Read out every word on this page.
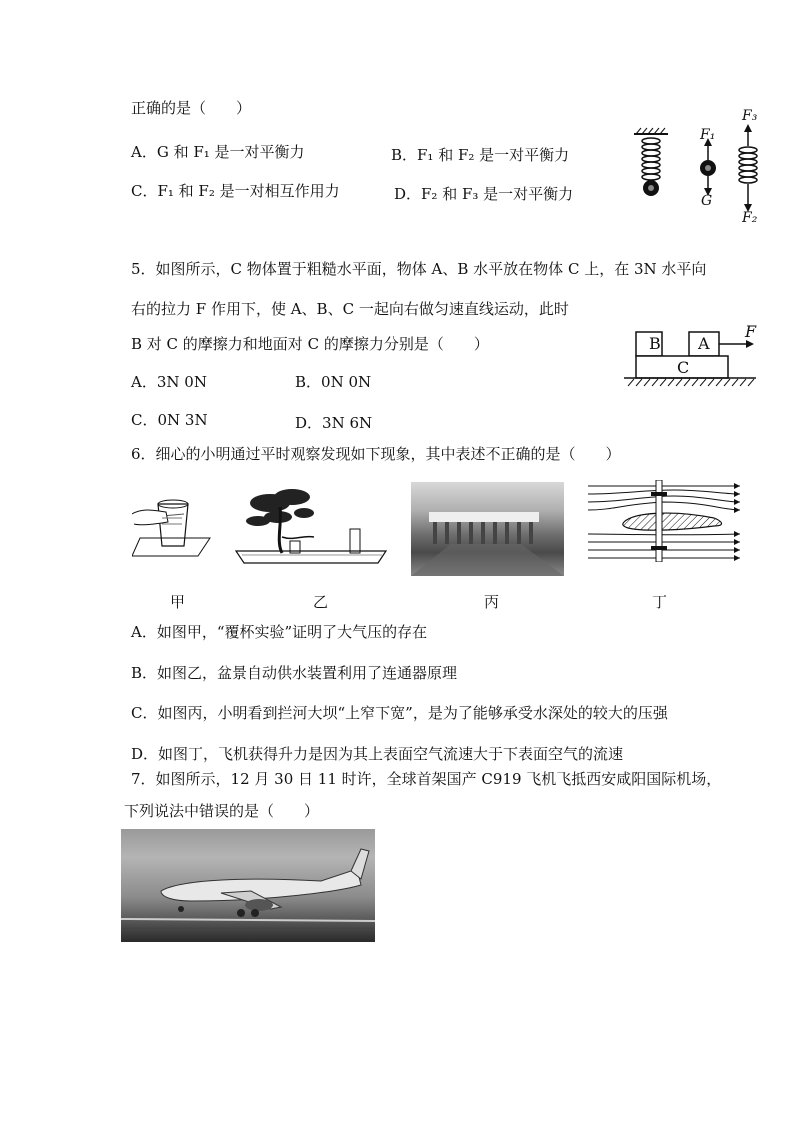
正确的是（　　）
A．G 和 F₁ 是一对平衡力	B．F₁ 和 F₂ 是一对平衡力
C．F₁ 和 F₂ 是一对相互作用力	D．F₂ 和 F₃ 是一对平衡力
F₁
G
F₃
F₂
5．如图所示，C 物体置于粗糙水平面，物体 A、B 水平放在物体 C 上，在 3N 水平向
右的拉力 F 作用下，使 A、B、C 一起向右做匀速直线运动，此时
B 对 C 的摩擦力和地面对 C 的摩擦力分别是（　　）
A．3N 0N	B．0N 0N
C．0N 3N	D．3N 6N
B A
C
F
6．细心的小明通过平时观察发现如下现象，其中表述不正确的是（　　）
甲	乙	丙	丁
A．如图甲，“覆杯实验”证明了大气压的存在
B．如图乙，盆景自动供水装置利用了连通器原理
C．如图丙，小明看到拦河大坝“上窄下宽”，是为了能够承受水深处的较大的压强
D．如图丁，飞机获得升力是因为其上表面空气流速大于下表面空气的流速
7．如图所示，12 月 30 日 11 时许，全球首架国产 C919 飞机飞抵西安咸阳国际机场，
下列说法中错误的是（　　）
